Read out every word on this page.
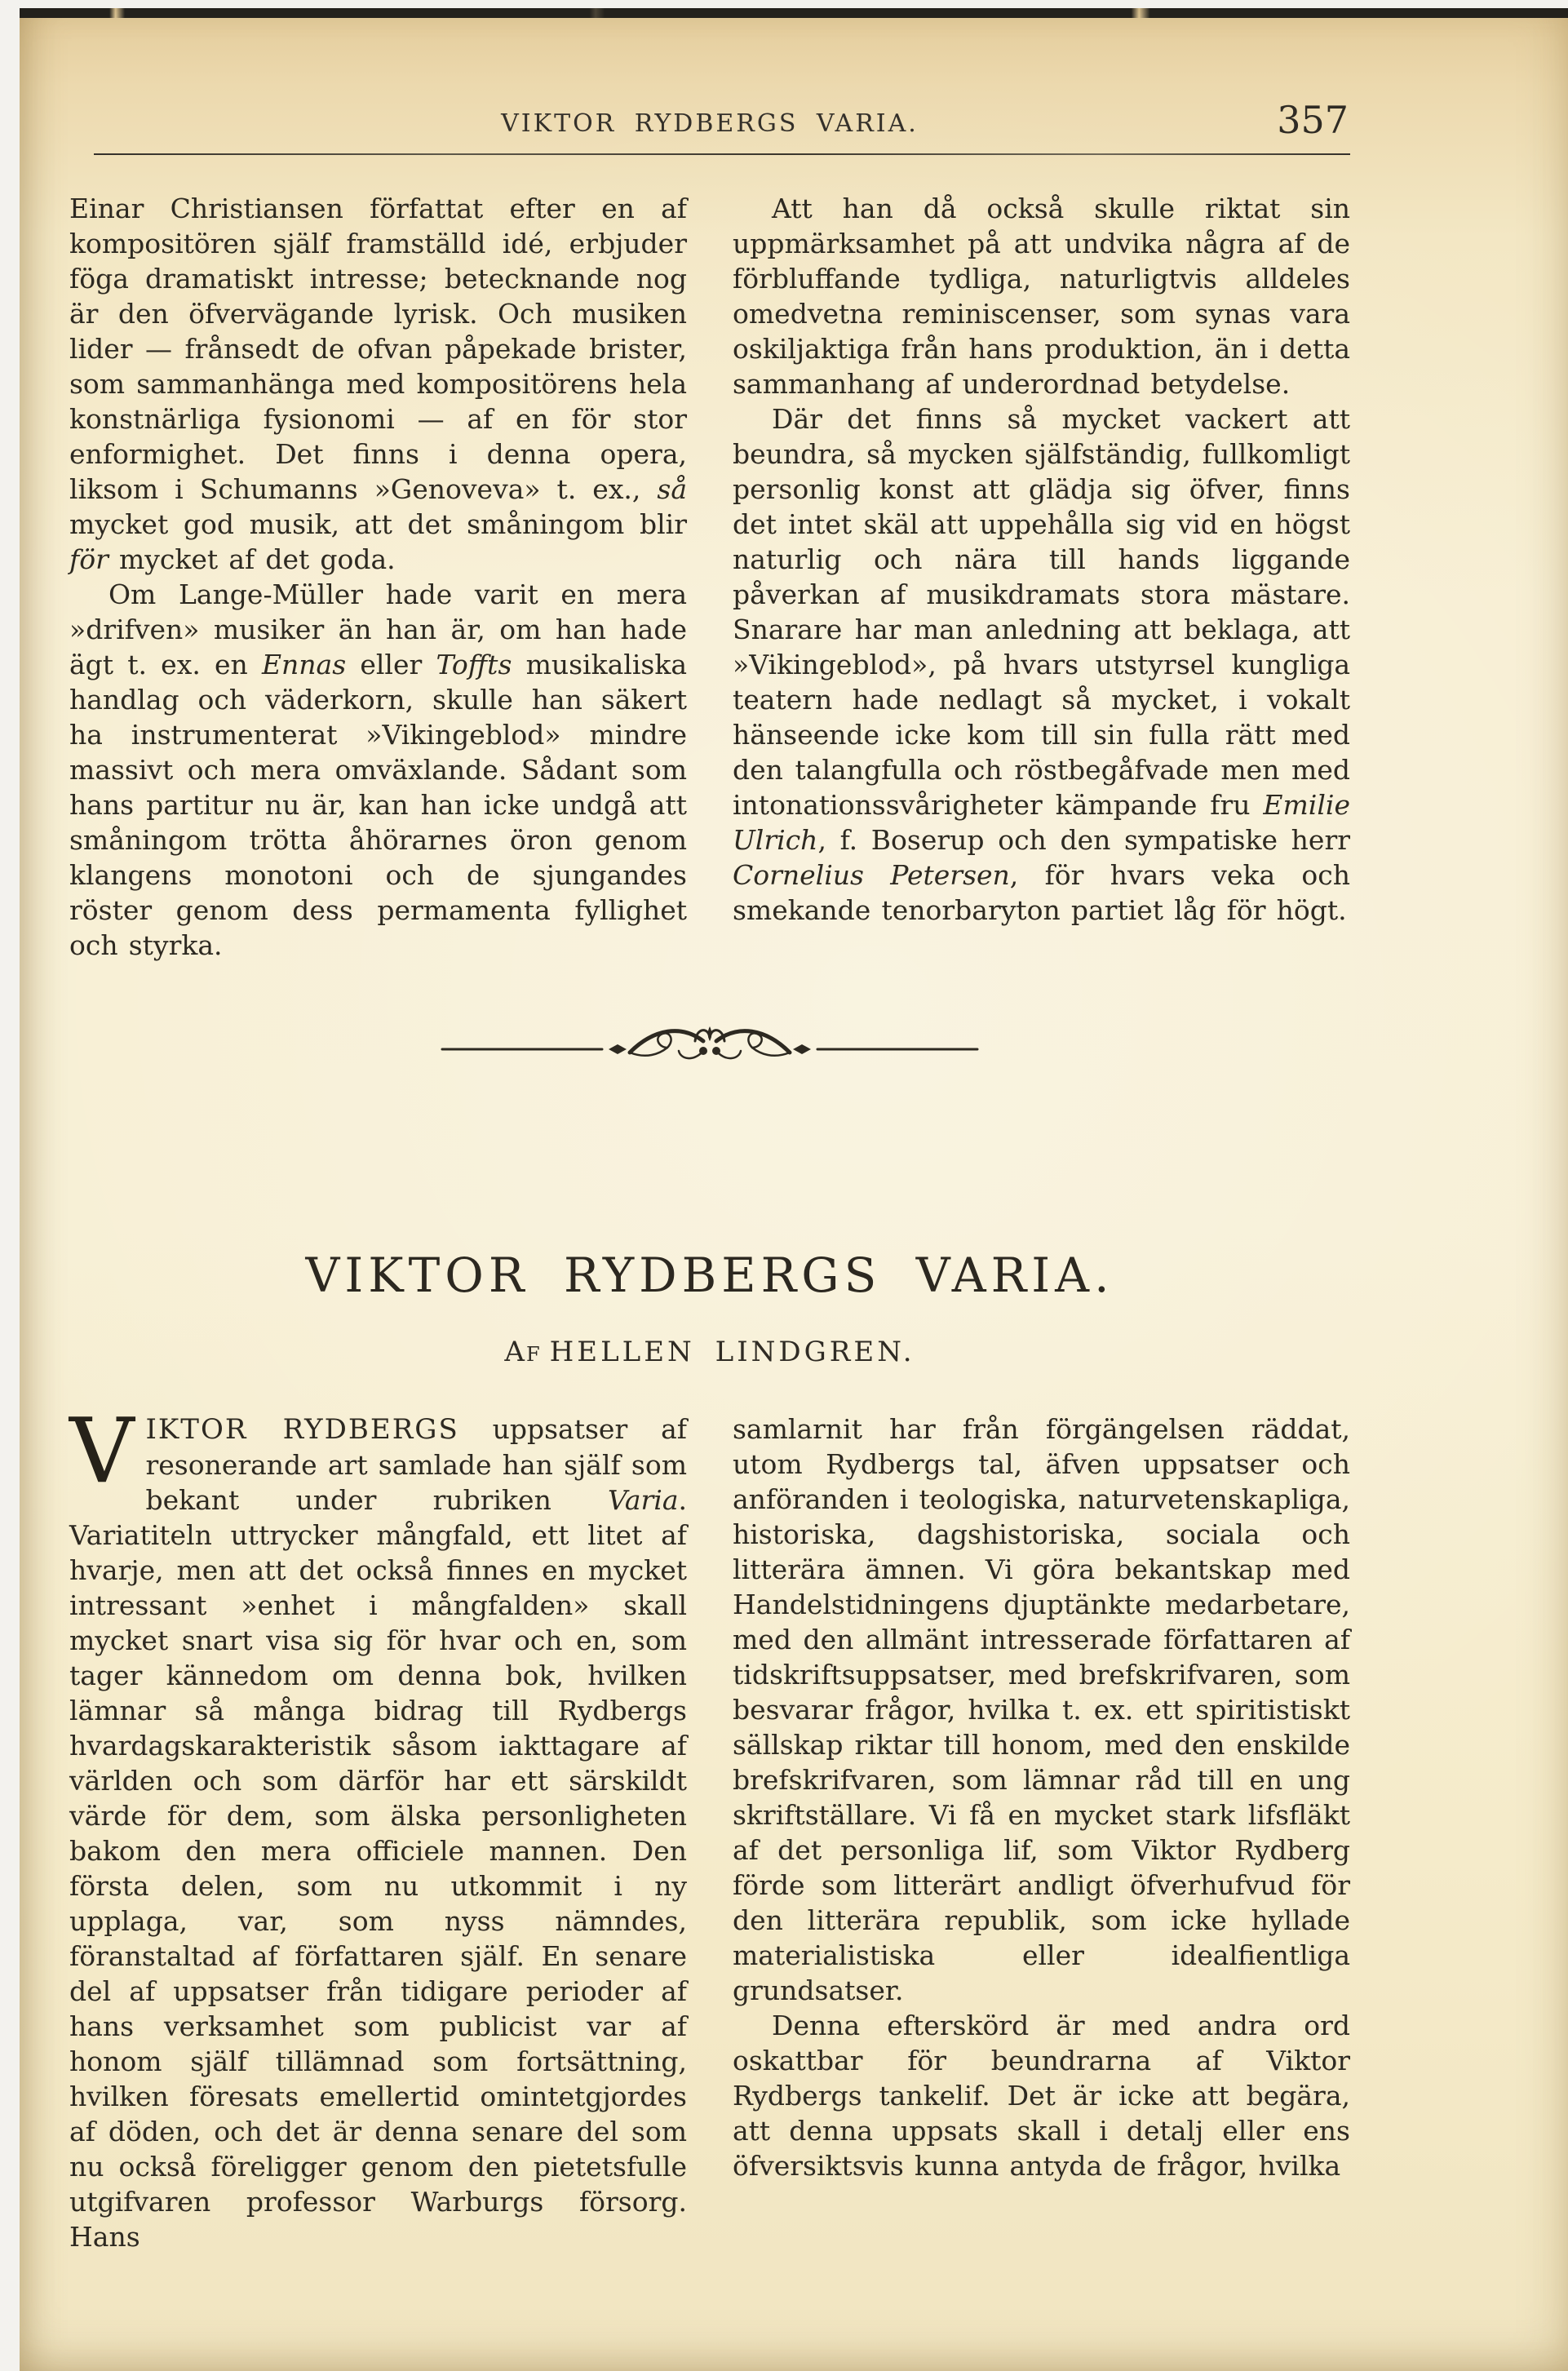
VIKTOR RYDBERGS VARIA.	357

Einar Christiansen författat efter en af kompositören själf framställd idé, erbjuder föga dramatiskt intresse; betecknande nog är den öfvervägande lyrisk. Och musiken lider — frånsedt de ofvan påpekade brister, som sammanhänga med kompositörens hela konstnärliga fysionomi — af en för stor enformighet. Det finns i denna opera, liksom i Schumanns »Genoveva» t. ex., så mycket god musik, att det småningom blir för mycket af det goda.

Om Lange-Müller hade varit en mera »drifven» musiker än han är, om han hade ägt t. ex. en Ennas eller Toffts musikaliska handlag och väderkorn, skulle han säkert ha instrumenterat »Vikingeblod» mindre massivt och mera omväxlande. Sådant som hans partitur nu är, kan han icke undgå att småningom trötta åhörarnes öron genom klangens monotoni och de sjungandes röster genom dess permamenta fyllighet och styrka.

Att han då också skulle riktat sin uppmärksamhet på att undvika några af de förbluffande tydliga, naturligtvis alldeles omedvetna reminiscenser, som synas vara oskiljaktiga från hans produktion, än i detta sammanhang af underordnad betydelse.

Där det finns så mycket vackert att beundra, så mycken själfständig, fullkomligt personlig konst att glädja sig öfver, finns det intet skäl att uppehålla sig vid en högst naturlig och nära till hands liggande påverkan af musikdramats stora mästare. Snarare har man anledning att beklaga, att »Vikingeblod», på hvars utstyrsel kungliga teatern hade nedlagt så mycket, i vokalt hänseende icke kom till sin fulla rätt med den talangfulla och röstbegåfvade men med intonationssvårigheter kämpande fru Emilie Ulrich, f. Boserup och den sympatiske herr Cornelius Petersen, för hvars veka och smekande tenorbaryton partiet låg för högt.

VIKTOR RYDBERGS VARIA.
Af HELLEN LINDGREN.

VIKTOR RYDBERGS uppsatser af resonerande art samlade han själf som bekant under rubriken Varia. Variatiteln uttrycker mångfald, ett litet af hvarje, men att det också finnes en mycket intressant »enhet i mångfalden» skall mycket snart visa sig för hvar och en, som tager kännedom om denna bok, hvilken lämnar så många bidrag till Rydbergs hvardagskarakteristik såsom iakttagare af världen och som därför har ett särskildt värde för dem, som älska personligheten bakom den mera officiele mannen. Den första delen, som nu utkommit i ny upplaga, var, som nyss nämndes, föranstaltad af författaren själf. En senare del af uppsatser från tidigare perioder af hans verksamhet som publicist var af honom själf tillämnad som fortsättning, hvilken föresats emellertid omintetgjordes af döden, och det är denna senare del som nu också föreligger genom den pietetsfulle utgifvaren professor Warburgs försorg. Hans

samlarnit har från förgängelsen räddat, utom Rydbergs tal, äfven uppsatser och anföranden i teologiska, naturvetenskapliga, historiska, dagshistoriska, sociala och litterära ämnen. Vi göra bekantskap med Handelstidningens djuptänkte medarbetare, med den allmänt intresserade författaren af tidskriftsuppsatser, med brefskrifvaren, som besvarar frågor, hvilka t. ex. ett spiritistiskt sällskap riktar till honom, med den enskilde brefskrifvaren, som lämnar råd till en ung skriftställare. Vi få en mycket stark lifsfläkt af det personliga lif, som Viktor Rydberg förde som litterärt andligt öfverhufvud för den litterära republik, som icke hyllade materialistiska eller idealfientliga grundsatser.

Denna efterskörd är med andra ord oskattbar för beundrarna af Viktor Rydbergs tankelif. Det är icke att begära, att denna uppsats skall i detalj eller ens öfversiktsvis kunna antyda de frågor, hvilka
